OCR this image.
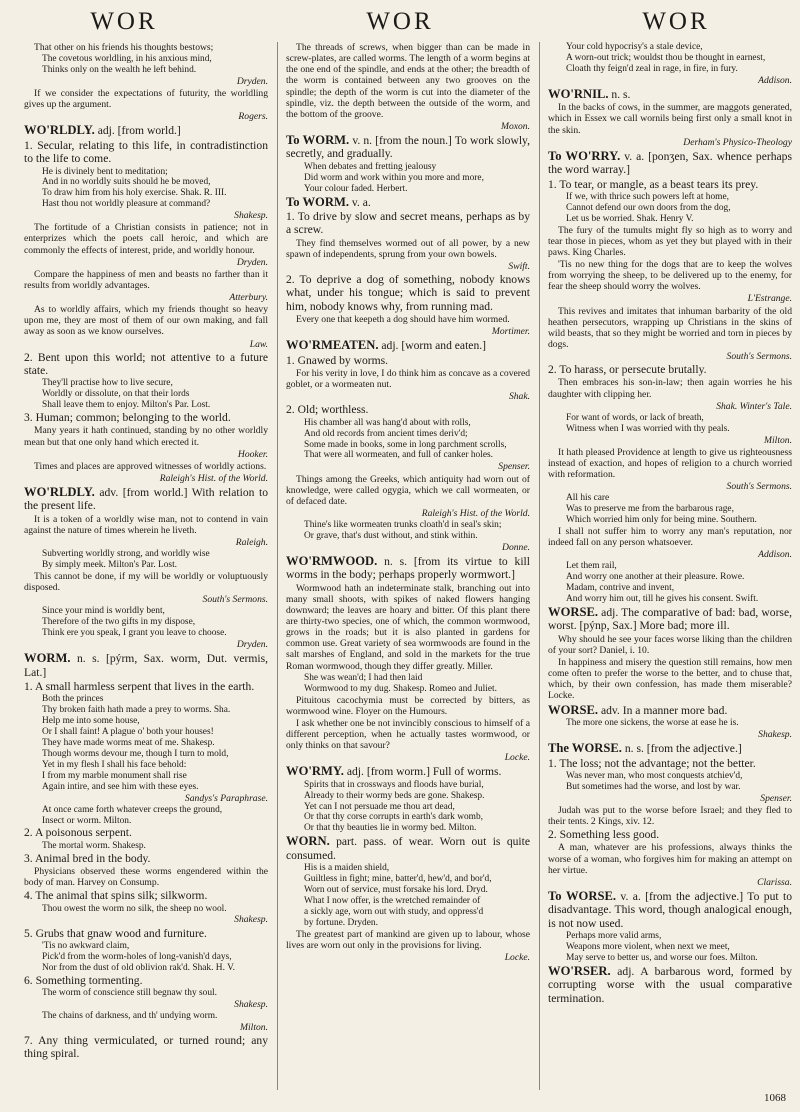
WOR	WOR	WOR

That other on his friends his thoughts bestows;

The covetous worldling, in his anxious mind,

Thinks only on the wealth he left behind.

Dryden.

If we consider the expectations of futurity, the worldling gives up the argument.

Rogers.

WO'RLDLY. adj. [from world.]

1. Secular, relating to this life, in contradistinction to the life to come.

He is divinely bent to meditation;

And in no worldly suits should he be moved,

To draw him from his holy exercise. Shak. R. III.

Hast thou not worldly pleasure at command?

Shakesp.

The fortitude of a Christian consists in patience; not in enterprizes which the poets call heroic, and which are commonly the effects of interest, pride, and worldly honour.

Dryden.

Compare the happiness of men and beasts no farther than it results from worldly advantages.

Atterbury.

As to worldly affairs, which my friends thought so heavy upon me, they are most of them of our own making, and fall away as soon as we know ourselves.

Law.

2. Bent upon this world; not attentive to a future state.

They'll practise how to live secure,

Worldly or dissolute, on that their lords

Shall leave them to enjoy. Milton's Par. Lost.

3. Human; common; belonging to the world.

Many years it hath continued, standing by no other worldly mean but that one only hand which erected it.

Hooker.

Times and places are approved witnesses of worldly actions.

Raleigh's Hist. of the World.

WO'RLDLY. adv. [from world.] With relation to the present life.

It is a token of a worldly wise man, not to contend in vain against the nature of times wherein he liveth.

Raleigh.

Subverting worldly strong, and worldly wise

By simply meek. Milton's Par. Lost.

This cannot be done, if my will be worldly or voluptuously disposed.

South's Sermons.

Since your mind is worldly bent,

Therefore of the two gifts in my dispose,

Think ere you speak, I grant you leave to choose.

Dryden.

WORM. n. s. [pýrm, Sax. worm, Dut. vermis, Lat.]

1. A small harmless serpent that lives in the earth.

Both the princes

Thy broken faith hath made a prey to worms. Sha.

Help me into some house,

Or I shall faint! A plague o' both your houses!

They have made worms meat of me. Shakesp.

Though worms devour me, though I turn to mold,

Yet in my flesh I shall his face behold:

I from my marble monument shall rise

Again intire, and see him with these eyes.

Sandys's Paraphrase.

At once came forth whatever creeps the ground,

Insect or worm. Milton.

2. A poisonous serpent.

The mortal worm. Shakesp.

3. Animal bred in the body.

Physicians observed these worms engendered within the body of man. Harvey on Consump.

4. The animal that spins silk; silkworm.

Thou owest the worm no silk, the sheep no wool.

Shakesp.

5. Grubs that gnaw wood and furniture.

'Tis no awkward claim,

Pick'd from the worm-holes of long-vanish'd days,

Nor from the dust of old oblivion rak'd. Shak. H. V.

6. Something tormenting.

The worm of conscience still begnaw thy soul.

Shakesp.

The chains of darkness, and th' undying worm.

Milton.

7. Any thing vermiculated, or turned round; any thing spiral.

The threads of screws, when bigger than can be made in screw-plates, are called worms. The length of a worm begins at the one end of the spindle, and ends at the other; the breadth of the worm is contained between any two grooves on the spindle; the depth of the worm is cut into the diameter of the spindle, viz. the depth between the outside of the worm, and the bottom of the groove.

Moxon.

To WORM. v. n. [from the noun.] To work slowly, secretly, and gradually.

When debates and fretting jealousy

Did worm and work within you more and more,

Your colour faded. Herbert.

To WORM. v. a.

1. To drive by slow and secret means, perhaps as by a screw.

They find themselves wormed out of all power, by a new spawn of independents, sprung from your own bowels.

Swift.

2. To deprive a dog of something, nobody knows what, under his tongue; which is said to prevent him, nobody knows why, from running mad.

Every one that keepeth a dog should have him wormed.

Mortimer.

WO'RMEATEN. adj. [worm and eaten.]

1. Gnawed by worms.

For his verity in love, I do think him as concave as a covered goblet, or a wormeaten nut.

Shak.

2. Old; worthless.

His chamber all was hang'd about with rolls,

And old records from ancient times deriv'd;

Some made in books, some in long parchment scrolls,

That were all wormeaten, and full of canker holes.

Spenser.

Things among the Greeks, which antiquity had worn out of knowledge, were called ogygia, which we call wormeaten, or of defaced date.

Raleigh's Hist. of the World.

Thine's like wormeaten trunks cloath'd in seal's skin;

Or grave, that's dust without, and stink within.

Donne.

WO'RMWOOD. n. s. [from its virtue to kill worms in the body; perhaps properly wormwort.]

Wormwood hath an indeterminate stalk, branching out into many small shoots, with spikes of naked flowers hanging downward; the leaves are hoary and bitter. Of this plant there are thirty-two species, one of which, the common wormwood, grows in the roads; but it is also planted in gardens for common use. Great variety of sea wormwoods are found in the salt marshes of England, and sold in the markets for the true Roman wormwood, though they differ greatly. Miller.

She was wean'd; I had then laid

Wormwood to my dug. Shakesp. Romeo and Juliet.

Pituitous cacochymia must be corrected by bitters, as wormwood wine. Floyer on the Humours.

I ask whether one be not invincibly conscious to himself of a different perception, when he actually tastes wormwood, or only thinks on that savour?

Locke.

WO'RMY. adj. [from worm.] Full of worms.

Spirits that in crossways and floods have burial,

Already to their wormy beds are gone. Shakesp.

Yet can I not persuade me thou art dead,

Or that thy corse corrupts in earth's dark womb,

Or that thy beauties lie in wormy bed. Milton.

WORN. part. pass. of wear. Worn out is quite consumed.

His is a maiden shield,

Guiltless in fight; mine, batter'd, hew'd, and bor'd,

Worn out of service, must forsake his lord. Dryd.

What I now offer, is the wretched remainder of

a sickly age, worn out with study, and oppress'd

by fortune. Dryden.

The greatest part of mankind are given up to labour, whose lives are worn out only in the provisions for living.

Locke.

Your cold hypocrisy's a stale device,

A worn-out trick; wouldst thou be thought in earnest,

Cloath thy feign'd zeal in rage, in fire, in fury.

Addison.

WO'RNIL. n. s.

In the backs of cows, in the summer, are maggots generated, which in Essex we call wornils being first only a small knot in the skin.

Derham's Physico-Theology

To WO'RRY. v. a. [ponʒen, Sax. whence perhaps the word warray.]

1. To tear, or mangle, as a beast tears its prey.

If we, with thrice such powers left at home,

Cannot defend our own doors from the dog,

Let us be worried. Shak. Henry V.

The fury of the tumults might fly so high as to worry and tear those in pieces, whom as yet they but played with in their paws. King Charles.

'Tis no new thing for the dogs that are to keep the wolves from worrying the sheep, to be delivered up to the enemy, for fear the sheep should worry the wolves.

L'Estrange.

This revives and imitates that inhuman barbarity of the old heathen persecutors, wrapping up Christians in the skins of wild beasts, that so they might be worried and torn in pieces by dogs.

South's Sermons.

2. To harass, or persecute brutally.

Then embraces his son-in-law; then again worries he his daughter with clipping her.

Shak. Winter's Tale.

For want of words, or lack of breath,

Witness when I was worried with thy peals.

Milton.

It hath pleased Providence at length to give us righteousness instead of exaction, and hopes of religion to a church worried with reformation.

South's Sermons.

All his care

Was to preserve me from the barbarous rage,

Which worried him only for being mine. Southern.

I shall not suffer him to worry any man's reputation, nor indeed fall on any person whatsoever.

Addison.

Let them rail,

And worry one another at their pleasure. Rowe.

Madam, contrive and invent,

And worry him out, till he gives his consent. Swift.

WORSE. adj. The comparative of bad: bad, worse, worst. [pýnp, Sax.] More bad; more ill.

Why should he see your faces worse liking than the children of your sort? Daniel, i. 10.

In happiness and misery the question still remains, how men come often to prefer the worse to the better, and to chuse that, which, by their own confession, has made them miserable? Locke.

WORSE. adv. In a manner more bad.

The more one sickens, the worse at ease he is.

Shakesp.

The WORSE. n. s. [from the adjective.]

1. The loss; not the advantage; not the better.

Was never man, who most conquests atchiev'd,

But sometimes had the worse, and lost by war.

Spenser.

Judah was put to the worse before Israel; and they fled to their tents. 2 Kings, xiv. 12.

2. Something less good.

A man, whatever are his professions, always thinks the worse of a woman, who forgives him for making an attempt on her virtue.

Clarissa.

To WORSE. v. a. [from the adjective.] To put to disadvantage. This word, though analogical enough, is not now used.

Perhaps more valid arms,

Weapons more violent, when next we meet,

May serve to better us, and worse our foes. Milton.

WO'RSER. adj. A barbarous word, formed by corrupting worse with the usual comparative termination.

1068
